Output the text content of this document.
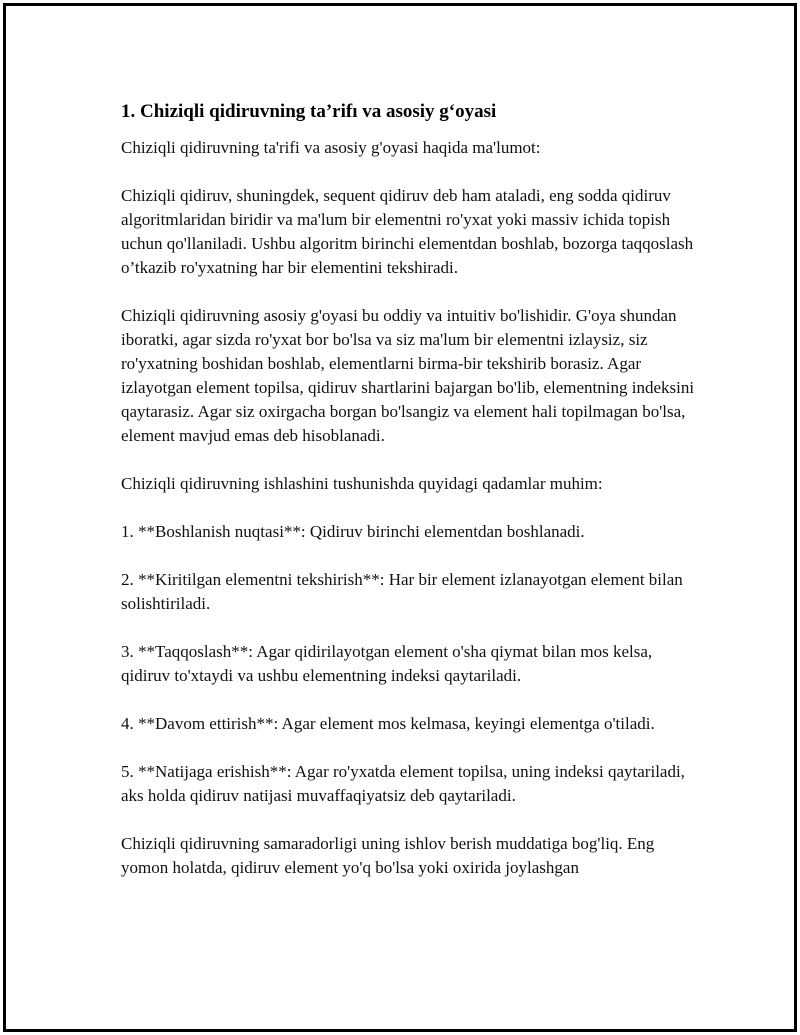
1. Chiziqli qidiruvning ta’rifı va asosiy g‘oyasi

Chiziqli qidiruvning ta'rifi va asosiy g'oyasi haqida ma'lumot:

Chiziqli qidiruv, shuningdek, sequent qidiruv deb ham ataladi, eng sodda qidiruv algoritmlaridan biridir va ma'lum bir elementni ro'yxat yoki massiv ichida topish uchun qo'llaniladi. Ushbu algoritm birinchi elementdan boshlab, bozorga taqqoslash o’tkazib ro'yxatning har bir elementini tekshiradi.

Chiziqli qidiruvning asosiy g'oyasi bu oddiy va intuitiv bo'lishidir. G'oya shundan iboratki, agar sizda ro'yxat bor bo'lsa va siz ma'lum bir elementni izlaysiz, siz ro'yxatning boshidan boshlab, elementlarni birma-bir tekshirib borasiz. Agar izlayotgan element topilsa, qidiruv shartlarini bajargan bo'lib, elementning indeksini qaytarasiz. Agar siz oxirgacha borgan bo'lsangiz va element hali topilmagan bo'lsa, element mavjud emas deb hisoblanadi.

Chiziqli qidiruvning ishlashini tushunishda quyidagi qadamlar muhim:

1. **Boshlanish nuqtasi**: Qidiruv birinchi elementdan boshlanadi.

2. **Kiritilgan elementni tekshirish**: Har bir element izlanayotgan element bilan solishtiriladi.

3. **Taqqoslash**: Agar qidirilayotgan element o'sha qiymat bilan mos kelsa, qidiruv to'xtaydi va ushbu elementning indeksi qaytariladi.

4. **Davom ettirish**: Agar element mos kelmasa, keyingi elementga o'tiladi.

5. **Natijaga erishish**: Agar ro'yxatda element topilsa, uning indeksi qaytariladi, aks holda qidiruv natijasi muvaffaqiyatsiz deb qaytariladi.

Chiziqli qidiruvning samaradorligi uning ishlov berish muddatiga bog'liq. Eng yomon holatda, qidiruv element yo'q bo'lsa yoki oxirida joylashgan
